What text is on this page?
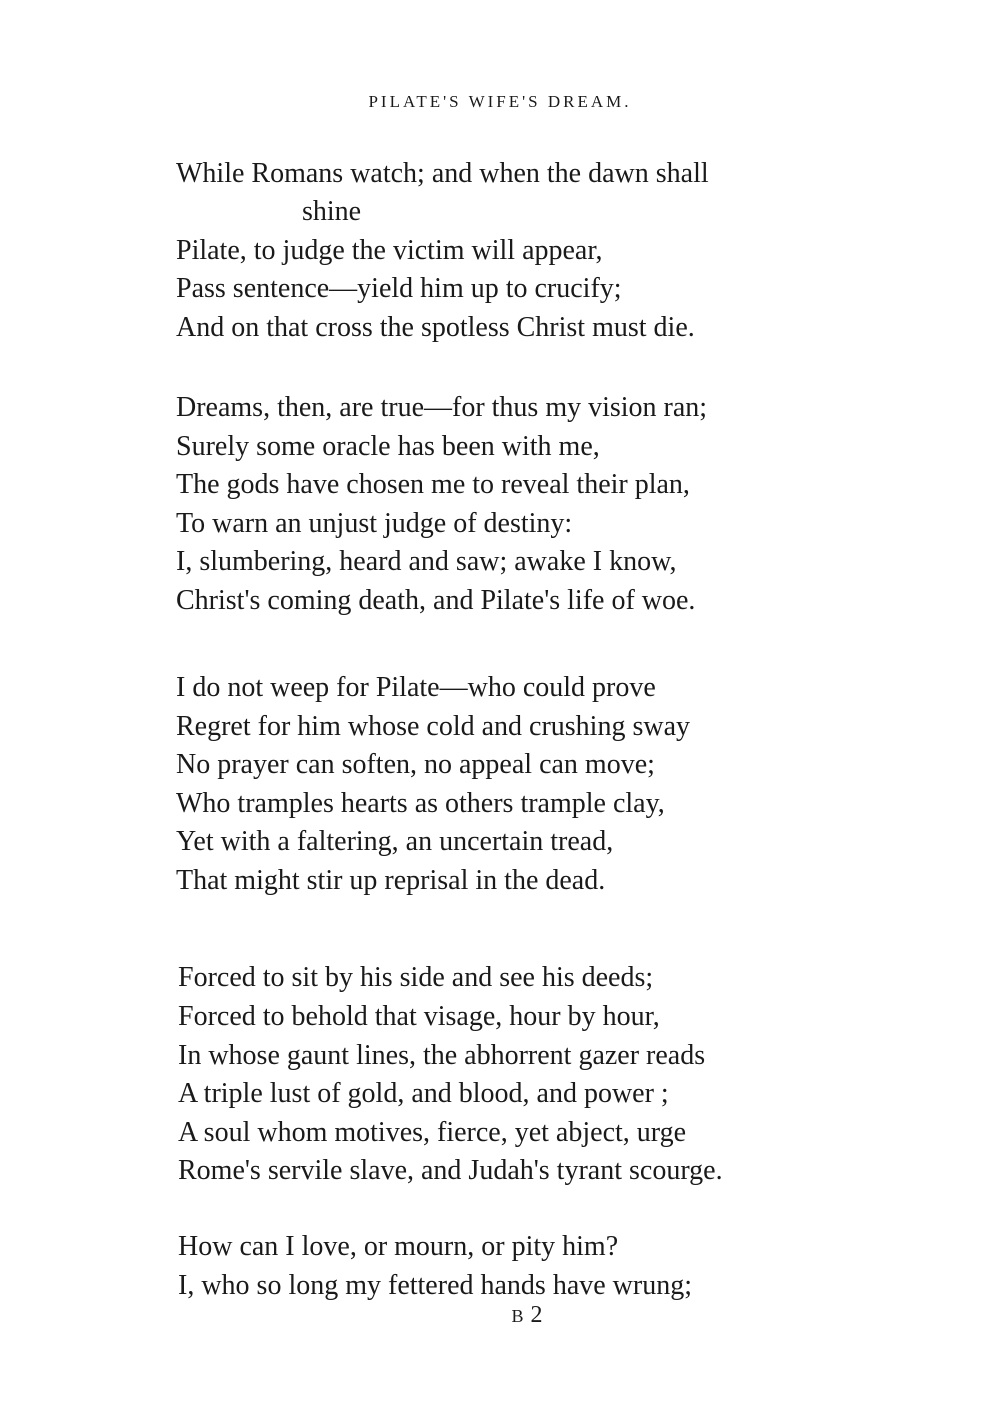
PILATE'S WIFE'S DREAM.
While Romans watch; and when the dawn shall
shine
Pilate, to judge the victim will appear,
Pass sentence—yield him up to crucify;
And on that cross the spotless Christ must die.
Dreams, then, are true—for thus my vision ran;
Surely some oracle has been with me,
The gods have chosen me to reveal their plan,
To warn an unjust judge of destiny:
I, slumbering, heard and saw; awake I know,
Christ's coming death, and Pilate's life of woe.
I do not weep for Pilate—who could prove
Regret for him whose cold and crushing sway
No prayer can soften, no appeal can move;
Who tramples hearts as others trample clay,
Yet with a faltering, an uncertain tread,
That might stir up reprisal in the dead.
Forced to sit by his side and see his deeds;
Forced to behold that visage, hour by hour,
In whose gaunt lines, the abhorrent gazer reads
A triple lust of gold, and blood, and power ;
A soul whom motives, fierce, yet abject, urge
Rome's servile slave, and Judah's tyrant scourge.
How can I love, or mourn, or pity him?
I, who so long my fettered hands have wrung;
B 2
